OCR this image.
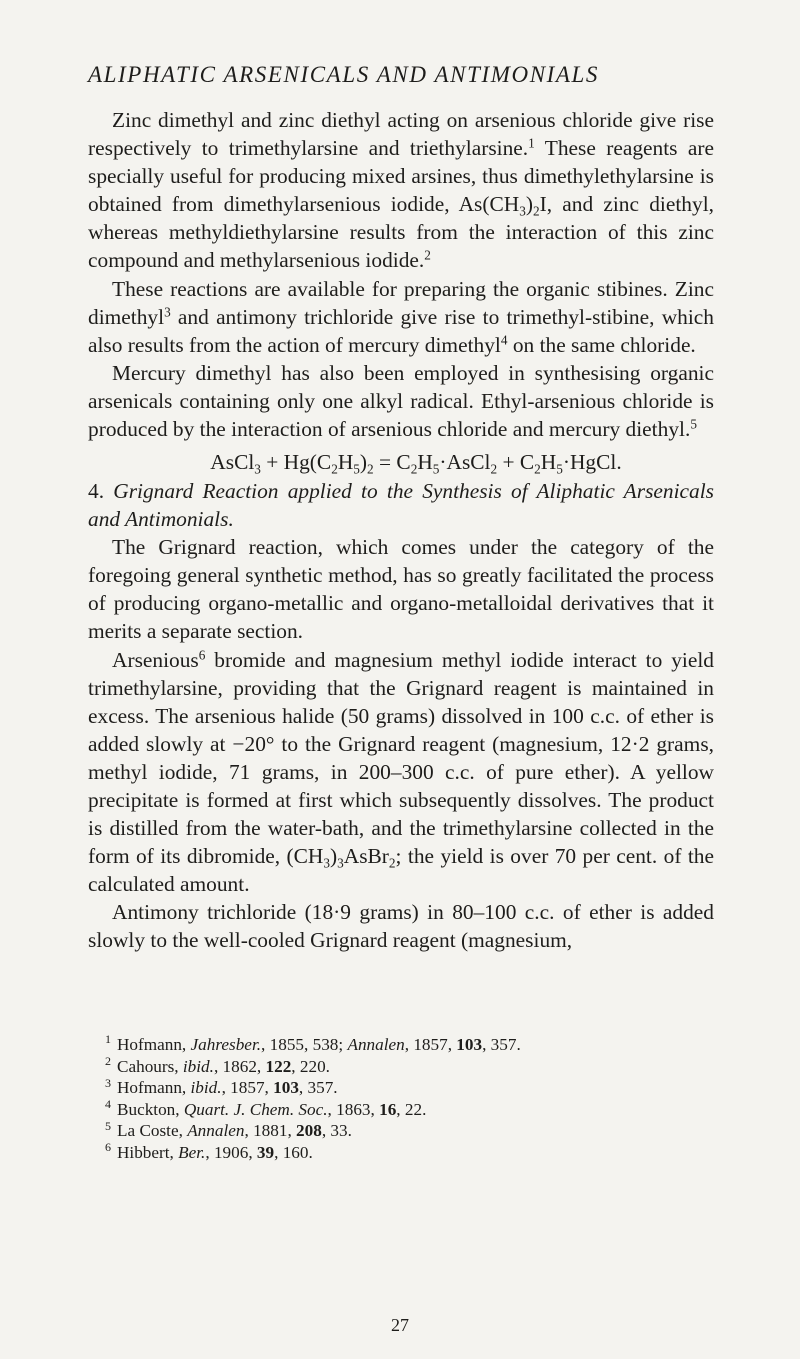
ALIPHATIC ARSENICALS AND ANTIMONIALS

Zinc dimethyl and zinc diethyl acting on arsenious chloride give rise respectively to trimethylarsine and triethylarsine.$^1$ These reagents are specially useful for producing mixed arsines, thus dimethylethylarsine is obtained from dimethylarsenious iodide, $As(CH_3)_2I$, and zinc diethyl, whereas methyldiethylarsine results from the interaction of this zinc compound and methylarsenious iodide.$^2$

These reactions are available for preparing the organic stibines. Zinc dimethyl$^3$ and antimony trichloride give rise to trimethyl-stibine, which also results from the action of mercury dimethyl$^4$ on the same chloride.

Mercury dimethyl has also been employed in synthesising organic arsenicals containing only one alkyl radical. Ethyl-arsenious chloride is produced by the interaction of arsenious chloride and mercury diethyl.$^5$

AsCl$_3$ + $Hg(C_2H_5)_2$ = $C_2H_5\cdot AsCl_2$ + $C_2H_5\cdot HgCl$.

4. Grignard Reaction applied to the Synthesis of Aliphatic Arsenicals and Antimonials.

The Grignard reaction, which comes under the category of the foregoing general synthetic method, has so greatly facilitated the process of producing organo-metallic and organo-metalloidal derivatives that it merits a separate section.

Arsenious$^6$ bromide and magnesium methyl iodide interact to yield trimethylarsine, providing that the Grignard reagent is maintained in excess. The arsenious halide (50 grams) dissolved in 100 c.c. of ether is added slowly at −20° to the Grignard reagent (magnesium, 12·2 grams, methyl iodide, 71 grams, in 200–300 c.c. of pure ether). A yellow precipitate is formed at first which subsequently dissolves. The product is distilled from the water-bath, and the trimethylarsine collected in the form of its dibromide, $(CH_3)_3AsBr_2$; the yield is over 70 per cent. of the calculated amount.

Antimony trichloride (18·9 grams) in 80–100 c.c. of ether is added slowly to the well-cooled Grignard reagent (magnesium,

$^1$ Hofmann, Jahresber., 1855, 538; Annalen, 1857, 103, 357.
$^2$ Cahours, ibid., 1862, 122, 220.
$^3$ Hofmann, ibid., 1857, 103, 357.
$^4$ Buckton, Quart. J. Chem. Soc., 1863, 16, 22.
$^5$ La Coste, Annalen, 1881, 208, 33.
$^6$ Hibbert, Ber., 1906, 39, 160.
27
